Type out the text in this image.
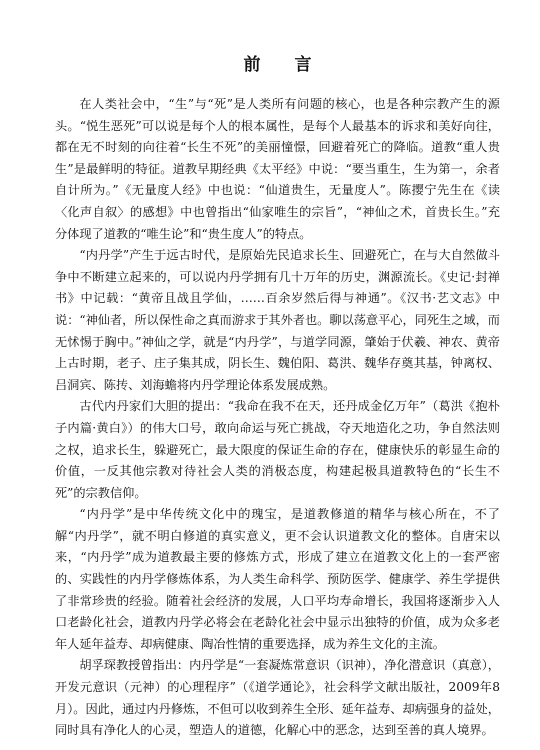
前 言

在人类社会中，“生”与“死”是人类所有问题的核心，也是各种宗教产生的源头。“悦生恶死”可以说是每个人的根本属性，是每个人最基本的诉求和美好向往，都在无不时刻的向往着“长生不死”的美丽憧憬，回避着死亡的降临。道教“重人贵生”是最鲜明的特征。道教早期经典《太平经》中说：“要当重生，生为第一，余者自计所为。”《无量度人经》中也说：“仙道贵生，无量度人”。陈撄宁先生在《读〈化声自叙〉的感想》中也曾指出“仙家唯生的宗旨”，“神仙之术，首贵长生。”充分体现了道教的“唯生论”和“贵生度人”的特点。

“内丹学”产生于远古时代，是原始先民追求长生、回避死亡，在与大自然做斗争中不断建立起来的，可以说内丹学拥有几十万年的历史，渊源流长。《史记·封禅书》中记载：“黄帝且战且学仙，……百余岁然后得与神通”。《汉书·艺文志》中说：“神仙者，所以保性命之真而游求于其外者也。聊以荡意平心，同死生之域，而无怵惕于胸中。”神仙之学，就是“内丹学”，与道学同源，肇始于伏羲、神农、黄帝上古时期，老子、庄子集其成，阴长生、魏伯阳、葛洪、魏华存奠其基，钟离权、吕洞宾、陈抟、刘海蟾将内丹学理论体系发展成熟。

古代内丹家们大胆的提出：“我命在我不在天，还丹成金亿万年”（葛洪《抱朴子内篇·黄白》）的伟大口号，敢向命运与死亡挑战，夺天地造化之功，争自然法则之权，追求长生，躲避死亡，最大限度的保证生命的存在，健康快乐的彰显生命的价值，一反其他宗教对待社会人类的消极态度，构建起极具道教特色的“长生不死”的宗教信仰。

“内丹学”是中华传统文化中的瑰宝，是道教修道的精华与核心所在，不了解“内丹学”，就不明白修道的真实意义，更不会认识道教文化的整体。自唐宋以来，“内丹学”成为道教最主要的修炼方式，形成了建立在道教文化上的一套严密的、实践性的内丹学修炼体系，为人类生命科学、预防医学、健康学、养生学提供了非常珍贵的经验。随着社会经济的发展，人口平均寿命增长，我国将逐渐步入人口老龄化社会，道教内丹学必将会在老龄化社会中显示出独特的价值，成为众多老年人延年益寿、却病健康、陶冶性情的重要选择，成为养生文化的主流。

胡孚琛教授曾指出：内丹学是“一套凝炼常意识（识神），净化潜意识（真意），开发元意识（元神）的心理程序”（《道学通论》，社会科学文献出版社，2009年8月）。因此，通过内丹修炼，不但可以收到养生全形、延年益寿、却病强身的益处，同时具有净化人的心灵，塑造人的道德，化解心中的恶念，达到至善的真人境界。
